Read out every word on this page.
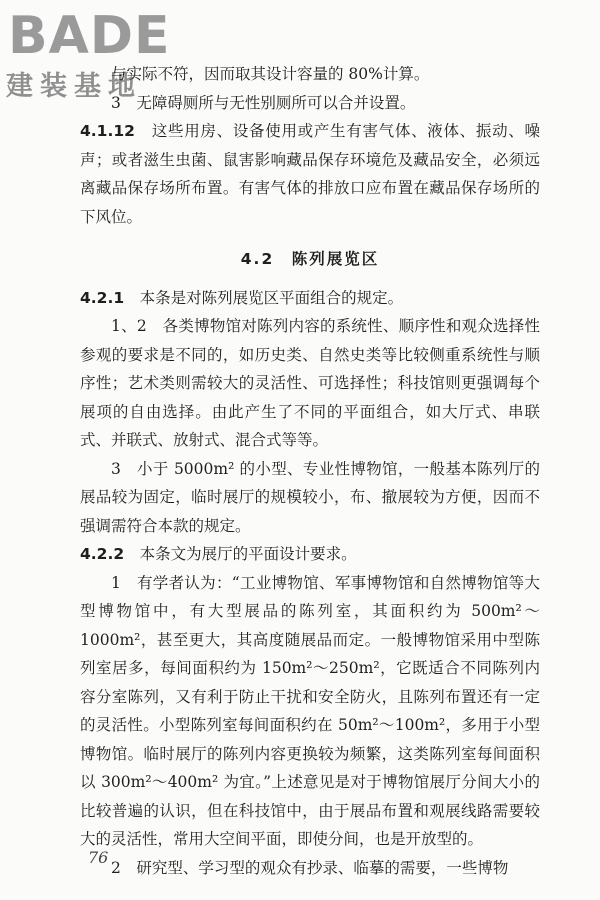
BADE
建装基地

与实际不符，因而取其设计容量的 80%计算。

3　无障碍厕所与无性别厕所可以合并设置。

4.1.12　这些用房、设备使用或产生有害气体、液体、振动、噪声；或者滋生虫菌、鼠害影响藏品保存环境危及藏品安全，必须远离藏品保存场所布置。有害气体的排放口应布置在藏品保存场所的下风位。

4.2　陈列展览区

4.2.1　本条是对陈列展览区平面组合的规定。

1、2　各类博物馆对陈列内容的系统性、顺序性和观众选择性参观的要求是不同的，如历史类、自然史类等比较侧重系统性与顺序性；艺术类则需较大的灵活性、可选择性；科技馆则更强调每个展项的自由选择。由此产生了不同的平面组合，如大厅式、串联式、并联式、放射式、混合式等等。

3　小于 5000m² 的小型、专业性博物馆，一般基本陈列厅的展品较为固定，临时展厅的规模较小，布、撤展较为方便，因而不强调需符合本款的规定。

4.2.2　本条文为展厅的平面设计要求。

1　有学者认为：“工业博物馆、军事博物馆和自然博物馆等大型博物馆中，有大型展品的陈列室，其面积约为 500m²～1000m²，甚至更大，其高度随展品而定。一般博物馆采用中型陈列室居多，每间面积约为 150m²～250m²，它既适合不同陈列内容分室陈列，又有利于防止干扰和安全防火，且陈列布置还有一定的灵活性。小型陈列室每间面积约在 50m²～100m²，多用于小型博物馆。临时展厅的陈列内容更换较为频繁，这类陈列室每间面积以 300m²～400m² 为宜。”上述意见是对于博物馆展厅分间大小的比较普遍的认识，但在科技馆中，由于展品布置和观展线路需要较大的灵活性，常用大空间平面，即使分间，也是开放型的。

2　研究型、学习型的观众有抄录、临摹的需要，一些博物

76
